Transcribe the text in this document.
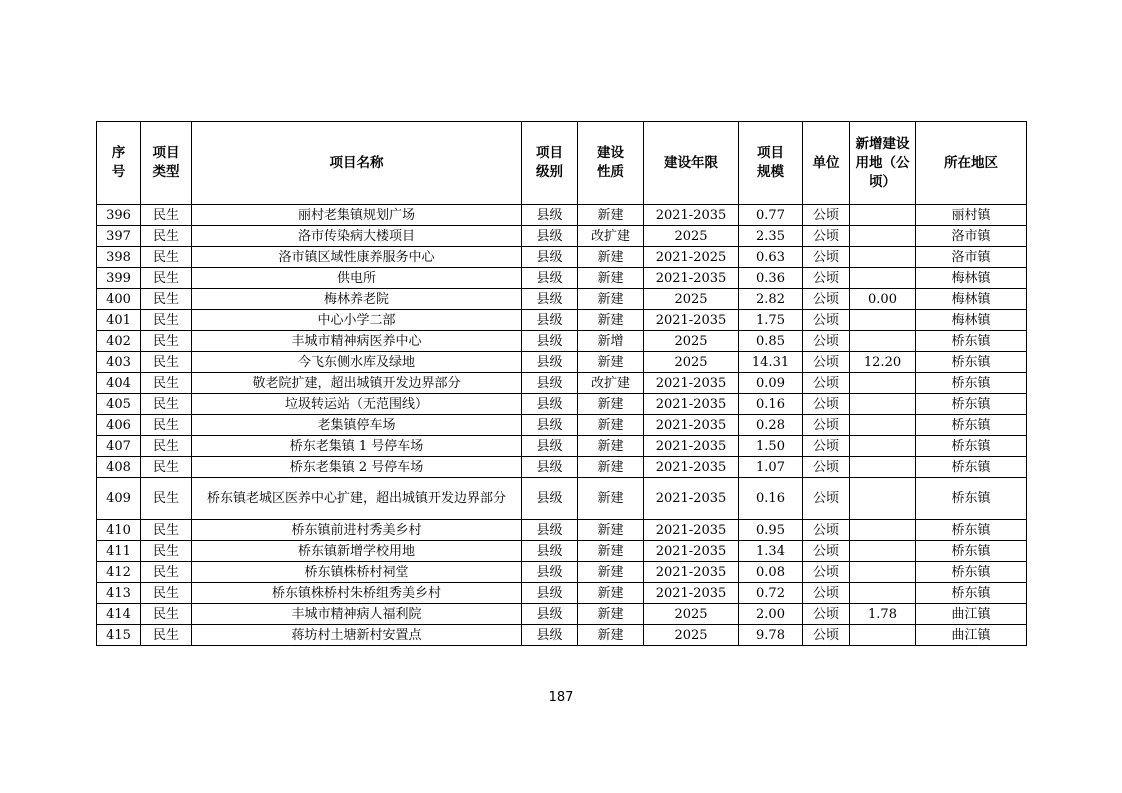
序号	项目类型	项目名称	项目级别	建设性质	建设年限	项目规模	单位	新增建设用地（公顷）	所在地区
396	民生	丽村老集镇规划广场	县级	新建	2021-2035	0.77	公顷		丽村镇
397	民生	洛市传染病大楼项目	县级	改扩建	2025	2.35	公顷		洛市镇
398	民生	洛市镇区域性康养服务中心	县级	新建	2021-2025	0.63	公顷		洛市镇
399	民生	供电所	县级	新建	2021-2035	0.36	公顷		梅林镇
400	民生	梅林养老院	县级	新建	2025	2.82	公顷	0.00	梅林镇
401	民生	中心小学二部	县级	新建	2021-2035	1.75	公顷		梅林镇
402	民生	丰城市精神病医养中心	县级	新增	2025	0.85	公顷		桥东镇
403	民生	今飞东侧水库及绿地	县级	新建	2025	14.31	公顷	12.20	桥东镇
404	民生	敬老院扩建，超出城镇开发边界部分	县级	改扩建	2021-2035	0.09	公顷		桥东镇
405	民生	垃圾转运站（无范围线）	县级	新建	2021-2035	0.16	公顷		桥东镇
406	民生	老集镇停车场	县级	新建	2021-2035	0.28	公顷		桥东镇
407	民生	桥东老集镇 1 号停车场	县级	新建	2021-2035	1.50	公顷		桥东镇
408	民生	桥东老集镇 2 号停车场	县级	新建	2021-2035	1.07	公顷		桥东镇
409	民生	桥东镇老城区医养中心扩建，超出城镇开发边界部分	县级	新建	2021-2035	0.16	公顷		桥东镇
410	民生	桥东镇前进村秀美乡村	县级	新建	2021-2035	0.95	公顷		桥东镇
411	民生	桥东镇新增学校用地	县级	新建	2021-2035	1.34	公顷		桥东镇
412	民生	桥东镇株桥村祠堂	县级	新建	2021-2035	0.08	公顷		桥东镇
413	民生	桥东镇株桥村朱桥组秀美乡村	县级	新建	2021-2035	0.72	公顷		桥东镇
414	民生	丰城市精神病人福利院	县级	新建	2025	2.00	公顷	1.78	曲江镇
415	民生	蒋坊村土塘新村安置点	县级	新建	2025	9.78	公顷		曲江镇
187
